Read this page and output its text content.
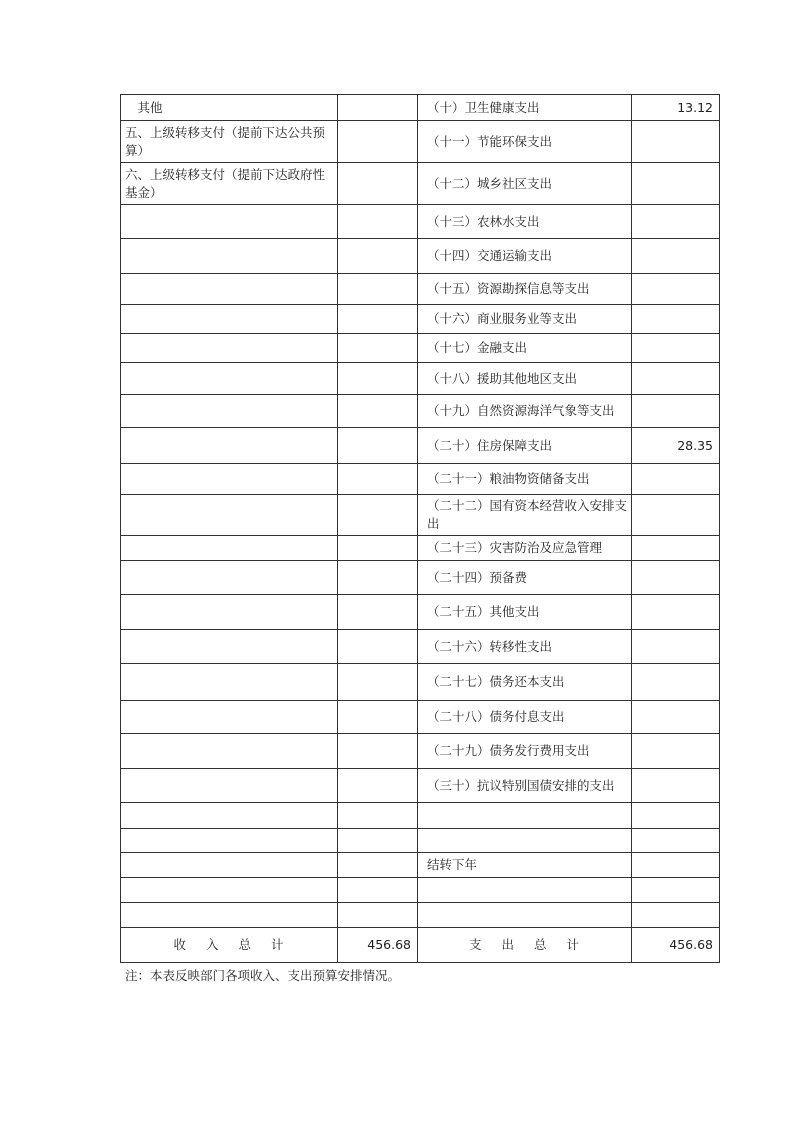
　其他		（十）卫生健康支出	13.12
五、上级转移支付（提前下达公共预算）		（十一）节能环保支出	
六、上级转移支付（提前下达政府性基金）		（十二）城乡社区支出	
		（十三）农林水支出	
		（十四）交通运输支出	
		（十五）资源勘探信息等支出	
		（十六）商业服务业等支出	
		（十七）金融支出	
		（十八）援助其他地区支出	
		（十九）自然资源海洋气象等支出	
		（二十）住房保障支出	28.35
		（二十一）粮油物资储备支出	
		（二十二）国有资本经营收入安排支出	
		（二十三）灾害防治及应急管理	
		（二十四）预备费	
		（二十五）其他支出	
		（二十六）转移性支出	
		（二十七）债务还本支出	
		（二十八）债务付息支出	
		（二十九）债务发行费用支出	
		（三十）抗议特别国债安排的支出	

		结转下年	

收 入 总 计	456.68	支 出 总 计	456.68
注：本表反映部门各项收入、支出预算安排情况。
